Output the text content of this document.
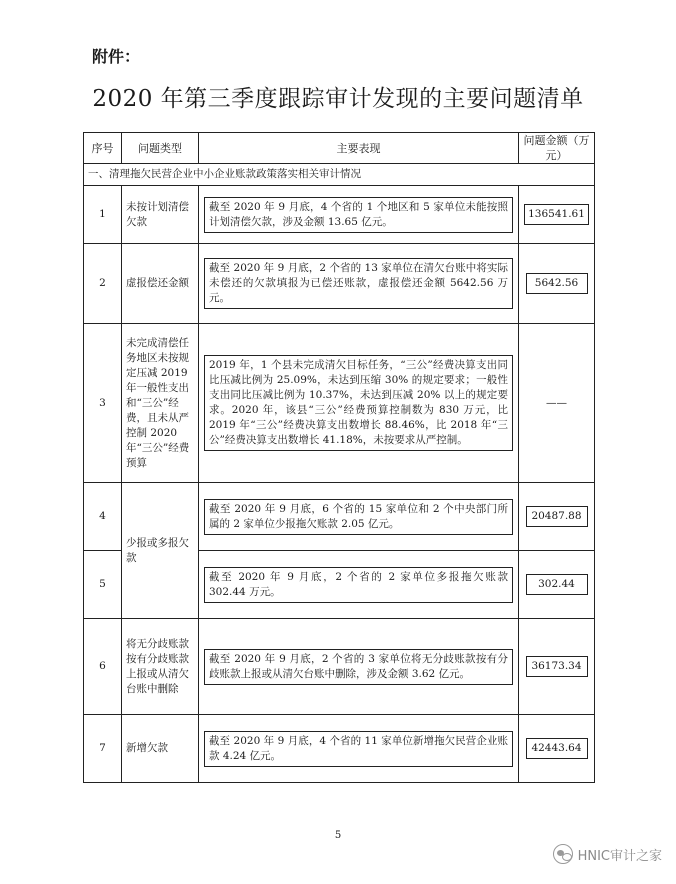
附件：
2020 年第三季度跟踪审计发现的主要问题清单
序号	问题类型	主要表现	问题金额（万元）
一、清理拖欠民营企业中小企业账款政策落实相关审计情况			
1	未按计划清偿欠款	截至 2020 年 9 月底，4 个省的 1 个地区和 5 家单位未能按照计划清偿欠款，涉及金额 13.65 亿元。	136541.61
2	虚报偿还金额	截至 2020 年 9 月底，2 个省的 13 家单位在清欠台账中将实际未偿还的欠款填报为已偿还账款，虚报偿还金额 5642.56 万元。	5642.56
3	未完成清偿任务地区未按规定压减 2019 年一般性支出和“三公”经费，且未从严控制 2020 年“三公”经费预算	2019 年，1 个县未完成清欠目标任务，“三公”经费决算支出同比压减比例为 25.09%，未达到压缩 30% 的规定要求；一般性支出同比压减比例为 10.37%，未达到压减 20% 以上的规定要求。2020 年，该县“三公”经费预算控制数为 830 万元，比 2019 年“三公”经费决算支出数增长 88.46%，比 2018 年“三公”经费决算支出数增长 41.18%，未按要求从严控制。	——
4	少报或多报欠款	截至 2020 年 9 月底，6 个省的 15 家单位和 2 个中央部门所属的 2 家单位少报拖欠账款 2.05 亿元。	20487.88
5		截至 2020 年 9 月底，2 个省的 2 家单位多报拖欠账款 302.44 万元。	302.44
6	将无分歧账款按有分歧账款上报或从清欠台账中删除	截至 2020 年 9 月底，2 个省的 3 家单位将无分歧账款按有分歧账款上报或从清欠台账中删除，涉及金额 3.62 亿元。	36173.34
7	新增欠款	截至 2020 年 9 月底，4 个省的 11 家单位新增拖欠民营企业账款 4.24 亿元。	42443.64
5
HNIC审计之家
